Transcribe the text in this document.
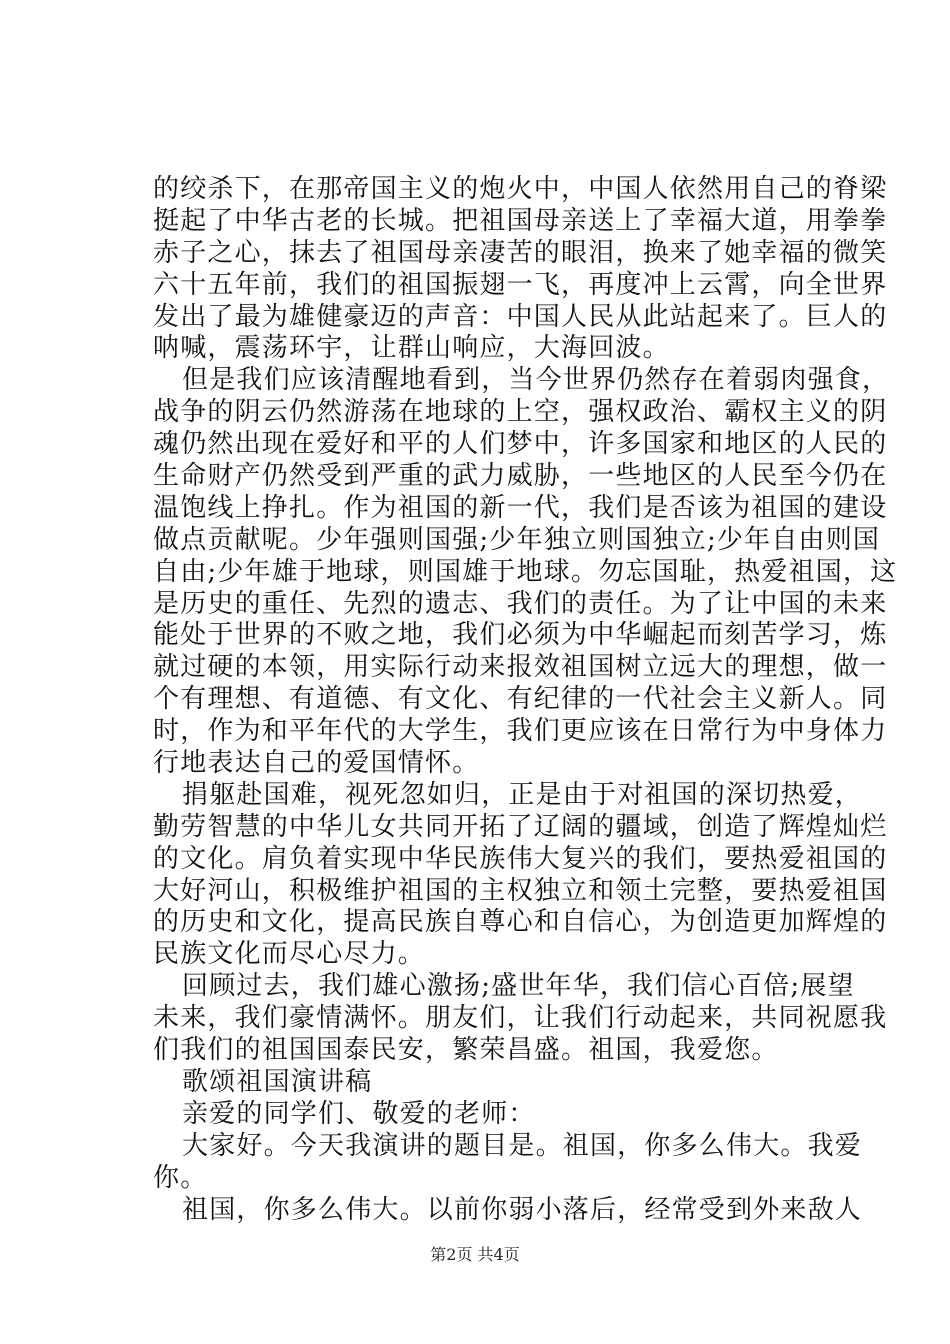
的绞杀下，在那帝国主义的炮火中，中国人依然用自己的脊梁
挺起了中华古老的长城。把祖国母亲送上了幸福大道，用拳拳
赤子之心，抹去了祖国母亲凄苦的眼泪，换来了她幸福的微笑
六十五年前，我们的祖国振翅一飞，再度冲上云霄，向全世界
发出了最为雄健豪迈的声音：中国人民从此站起来了。巨人的
呐喊，震荡环宇，让群山响应，大海回波。
但是我们应该清醒地看到，当今世界仍然存在着弱肉强食，
战争的阴云仍然游荡在地球的上空，强权政治、霸权主义的阴
魂仍然出现在爱好和平的人们梦中，许多国家和地区的人民的
生命财产仍然受到严重的武力威胁，一些地区的人民至今仍在
温饱线上挣扎。作为祖国的新一代，我们是否该为祖国的建设
做点贡献呢。少年强则国强;少年独立则国独立;少年自由则国
自由;少年雄于地球，则国雄于地球。勿忘国耻，热爱祖国，这
是历史的重任、先烈的遗志、我们的责任。为了让中国的未来
能处于世界的不败之地，我们必须为中华崛起而刻苦学习，炼
就过硬的本领，用实际行动来报效祖国树立远大的理想，做一
个有理想、有道德、有文化、有纪律的一代社会主义新人。同
时，作为和平年代的大学生，我们更应该在日常行为中身体力
行地表达自己的爱国情怀。
捐躯赴国难，视死忽如归，正是由于对祖国的深切热爱，
勤劳智慧的中华儿女共同开拓了辽阔的疆域，创造了辉煌灿烂
的文化。肩负着实现中华民族伟大复兴的我们，要热爱祖国的
大好河山，积极维护祖国的主权独立和领土完整，要热爱祖国
的历史和文化，提高民族自尊心和自信心，为创造更加辉煌的
民族文化而尽心尽力。
回顾过去，我们雄心激扬;盛世年华，我们信心百倍;展望
未来，我们豪情满怀。朋友们，让我们行动起来，共同祝愿我
们我们的祖国国泰民安，繁荣昌盛。祖国，我爱您。
歌颂祖国演讲稿
亲爱的同学们、敬爱的老师：
大家好。今天我演讲的题目是。祖国，你多么伟大。我爱
你。
祖国，你多么伟大。以前你弱小落后，经常受到外来敌人
第2页 共4页
